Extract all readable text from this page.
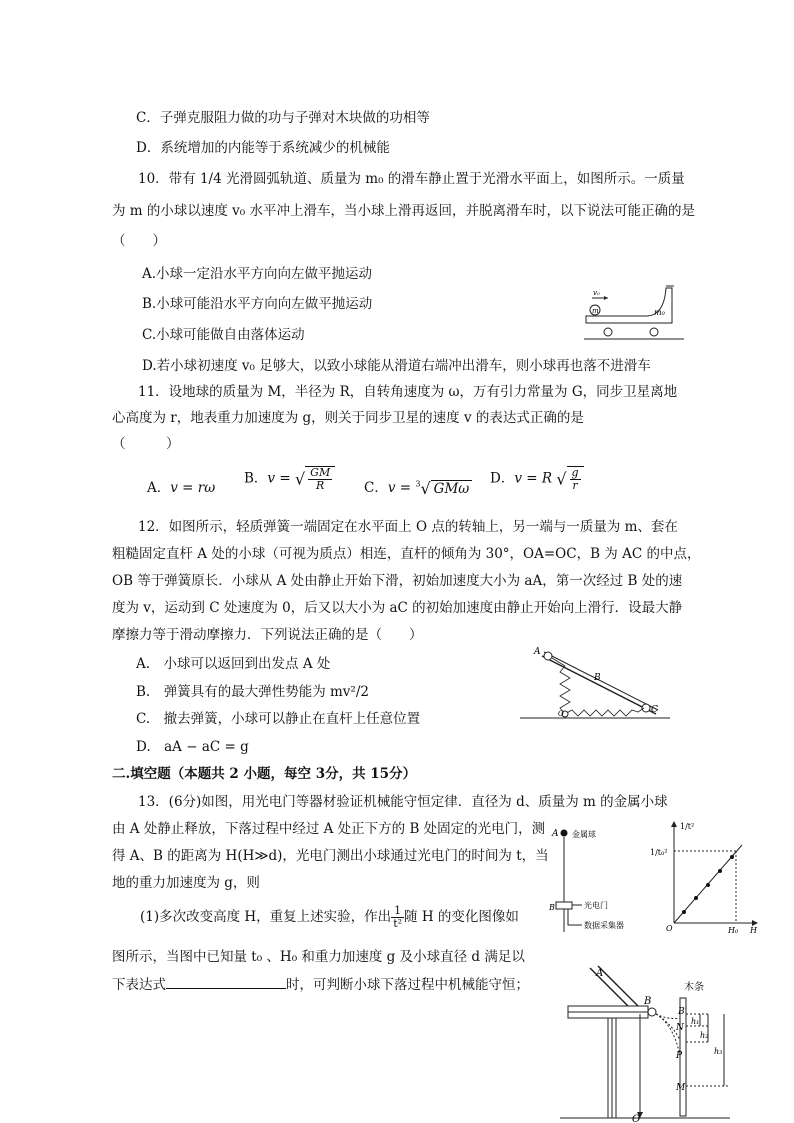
C．子弹克服阻力做的功与子弹对木块做的功相等
D．系统增加的内能等于系统减少的机械能
10．带有 1/4 光滑圆弧轨道、质量为 m₀ 的滑车静止置于光滑水平面上，如图所示。一质量
为 m 的小球以速度 v₀ 水平冲上滑车，当小球上滑再返回，并脱离滑车时，以下说法可能正确的是
（　　）
A.小球一定沿水平方向向左做平抛运动
B.小球可能沿水平方向向左做平抛运动
C.小球可能做自由落体运动
D.若小球初速度 v₀ 足够大，以致小球能从滑道右端冲出滑车，则小球再也落不进滑车
v₀
m	m₀
11．设地球的质量为 M，半径为 R，自转角速度为 ω，万有引力常量为 G，同步卫星离地
心高度为 r，地表重力加速度为 g，则关于同步卫星的速度 v 的表达式正确的是
（　　　）
A．v = rω
B．v = √ $\frac{GM}{R}$ C．v = $^3$√ GMω
D．v = R √ $\frac{g}{r}$
12．如图所示，轻质弹簧一端固定在水平面上 O 点的转轴上，另一端与一质量为 m、套在
粗糙固定直杆 A 处的小球（可视为质点）相连，直杆的倾角为 30°，OA=OC，B 为 AC 的中点，
OB 等于弹簧原长．小球从 A 处由静止开始下滑，初始加速度大小为 aA，第一次经过 B 处的速
度为 v，运动到 C 处速度为 0，后又以大小为 aC 的初始加速度由静止开始向上滑行．设最大静
摩擦力等于滑动摩擦力．下列说法正确的是（　　）
A.　小球可以返回到出发点 A 处
B.　弹簧具有的最大弹性势能为 mv²/2
C.　撤去弹簧，小球可以静止在直杆上任意位置
D.　aA − aC = g
A
B
C
O
二.填空题（本题共 2 小题，每空 3分，共 15分）
13．(6分)如图，用光电门等器材验证机械能守恒定律．直径为 d、质量为 m 的金属小球
由 A 处静止释放，下落过程中经过 A 处正下方的 B 处固定的光电门，测
得 A、B 的距离为 H(H≫d)，光电门测出小球通过光电门的时间为 t，当
地的重力加速度为 g，则
(1)多次改变高度 H，重复上述实验，作出 $\frac{1}{\text{t²}}$ 随 H 的变化图像如
图所示，当图中已知量 t₀ 、H₀ 和重力加速度 g 及小球直径 d 满足以
下表达式	时，可判断小球下落过程中机械能守恒；
A 金属球
B	光电门
数据采集器
1/t²
1/t₀²
O	H₀ H
A
B
木条
B'
N
P
M
h₁
h₂
h₃
O
